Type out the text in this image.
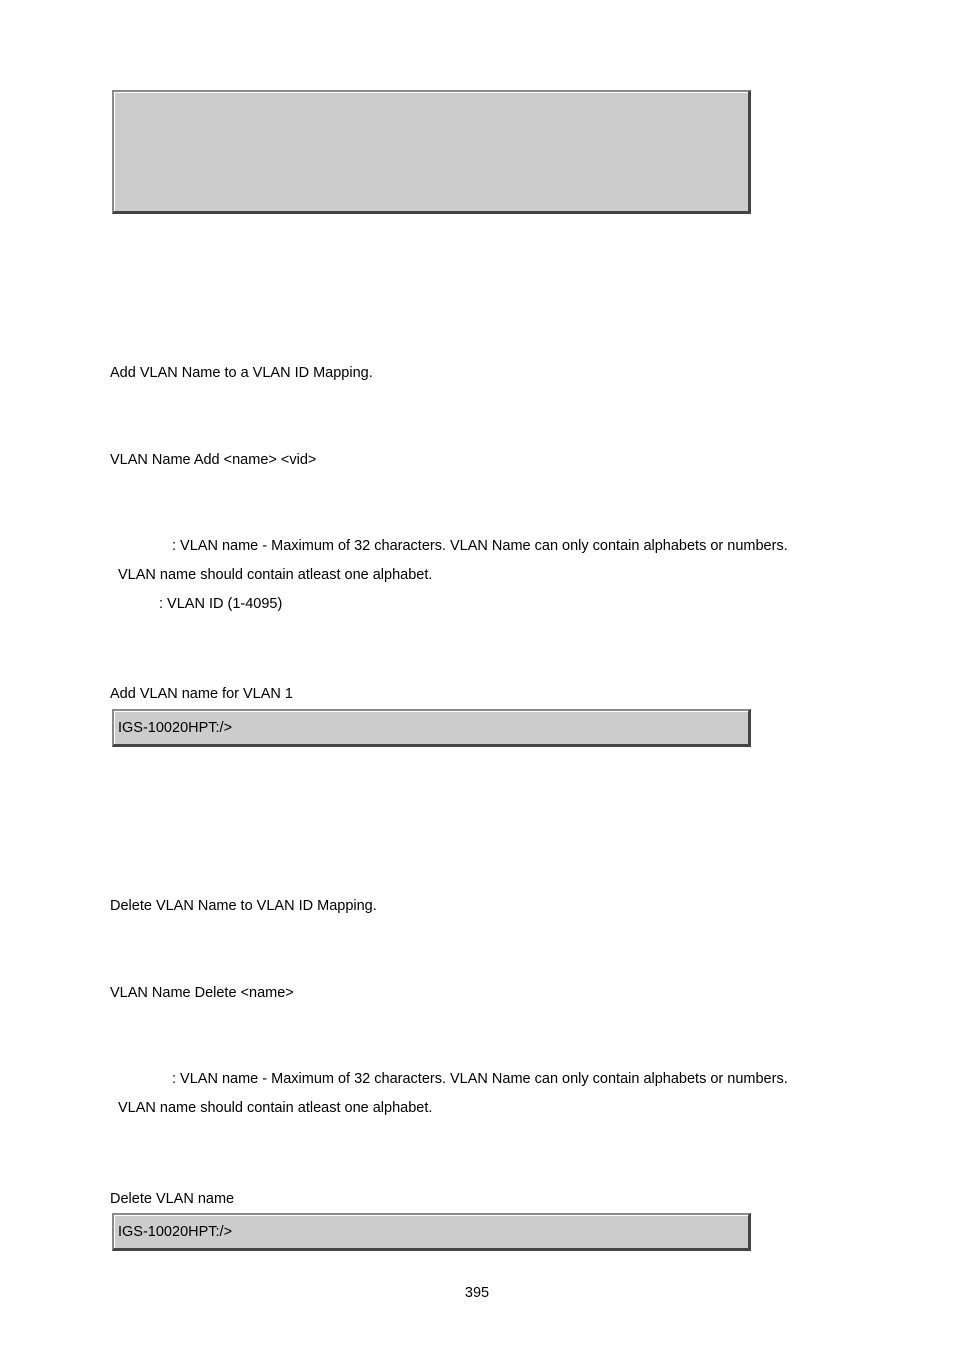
Add VLAN Name to a VLAN ID Mapping.
VLAN Name Add <name> <vid>
: VLAN name - Maximum of 32 characters. VLAN Name can only contain alphabets or numbers.
VLAN name should contain atleast one alphabet.
: VLAN ID (1-4095)
Add VLAN name for VLAN 1
IGS-10020HPT:/>
Delete VLAN Name to VLAN ID Mapping.
VLAN Name Delete <name>
: VLAN name - Maximum of 32 characters. VLAN Name can only contain alphabets or numbers.
VLAN name should contain atleast one alphabet.
Delete VLAN name
IGS-10020HPT:/>
395
